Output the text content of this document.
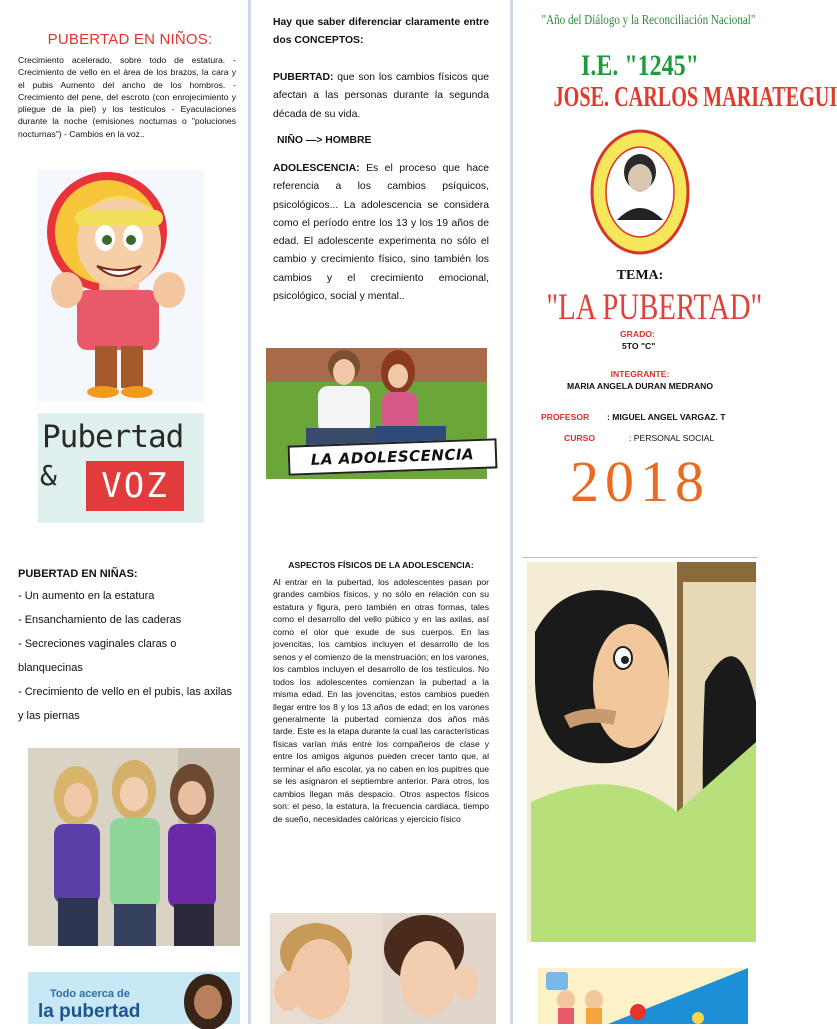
PUBERTAD EN NIÑOS:
Crecimiento acelerado, sobre todo de estatura. - Crecimiento de vello en el área de los brazos, la cara y el pubis Aumento del ancho de los hombros. - Crecimiento del pene, del escroto (con enrojecimiento y pliegue de la piel) y los testículos - Eyaculaciones durante la noche (emisiones nocturnas o "poluciones nocturnas") - Cambios en la voz..
Pubertad
&	VOZ
PUBERTAD EN NIÑAS:
- Un aumento en la estatura
- Ensanchamiento de las caderas
- Secreciones vaginales claras o blanquecinas
- Crecimiento de vello en el pubis, las axilas y las piernas
Todo acerca de
la pubertad
Hay que saber diferenciar claramente entre dos CONCEPTOS:
PUBERTAD: que son los cambios físicos que afectan a las personas durante la segunda década de su vida.
NIÑO —> HOMBRE
ADOLESCENCIA: Es el proceso que hace referencia a los cambios psíquicos, psicológicos... La adolescencia se considera como el período entre los 13 y los 19 años de edad. El adolescente experimenta no sólo el cambio y crecimiento físico, sino también los cambios y el crecimiento emocional, psicológico, social y mental..
LA ADOLESCENCIA
ASPECTOS FÍSICOS DE LA ADOLESCENCIA:
Al entrar en la pubertad, los adolescentes pasan por grandes cambios físicos, y no sólo en relación con su estatura y figura, pero también en otras formas, tales como el desarrollo del vello púbico y en las axilas, así como el olor que exude de sus cuerpos. En las jovencitas, los cambios incluyen el desarrollo de los senos y el comienzo de la menstruación; en los varones, los cambios incluyen el desarrollo de los testículos. No todos los adolescentes comienzan la pubertad a la misma edad. En las jovencitas, estos cambios pueden llegar entre los 8 y los 13 años de edad; en los varones generalmente la pubertad comienza dos años más tarde. Este es la etapa durante la cual las características físicas varían más entre los compañeros de clase y entre los amigos algunos pueden crecer tanto que, al terminar el año escolar, ya no caben en los pupitres que se les asignaron el septiembre anterior. Para otros, los cambios llegan más despacio. Otros aspectos físicos son: el peso, la estatura, la frecuencia cardiaca, tiempo de sueño, necesidades calóricas y ejercicio físico
"Año del Diálogo y la Reconciliación Nacional"
I.E. "1245"
JOSE. CARLOS MARIATEGUI
TEMA:
"LA PUBERTAD"
GRADO:
5TO "C"
INTEGRANTE:
MARIA ANGELA DURAN MEDRANO
PROFESOR : MIGUEL ANGEL VARGAZ. T
CURSO	: PERSONAL SOCIAL
2018
